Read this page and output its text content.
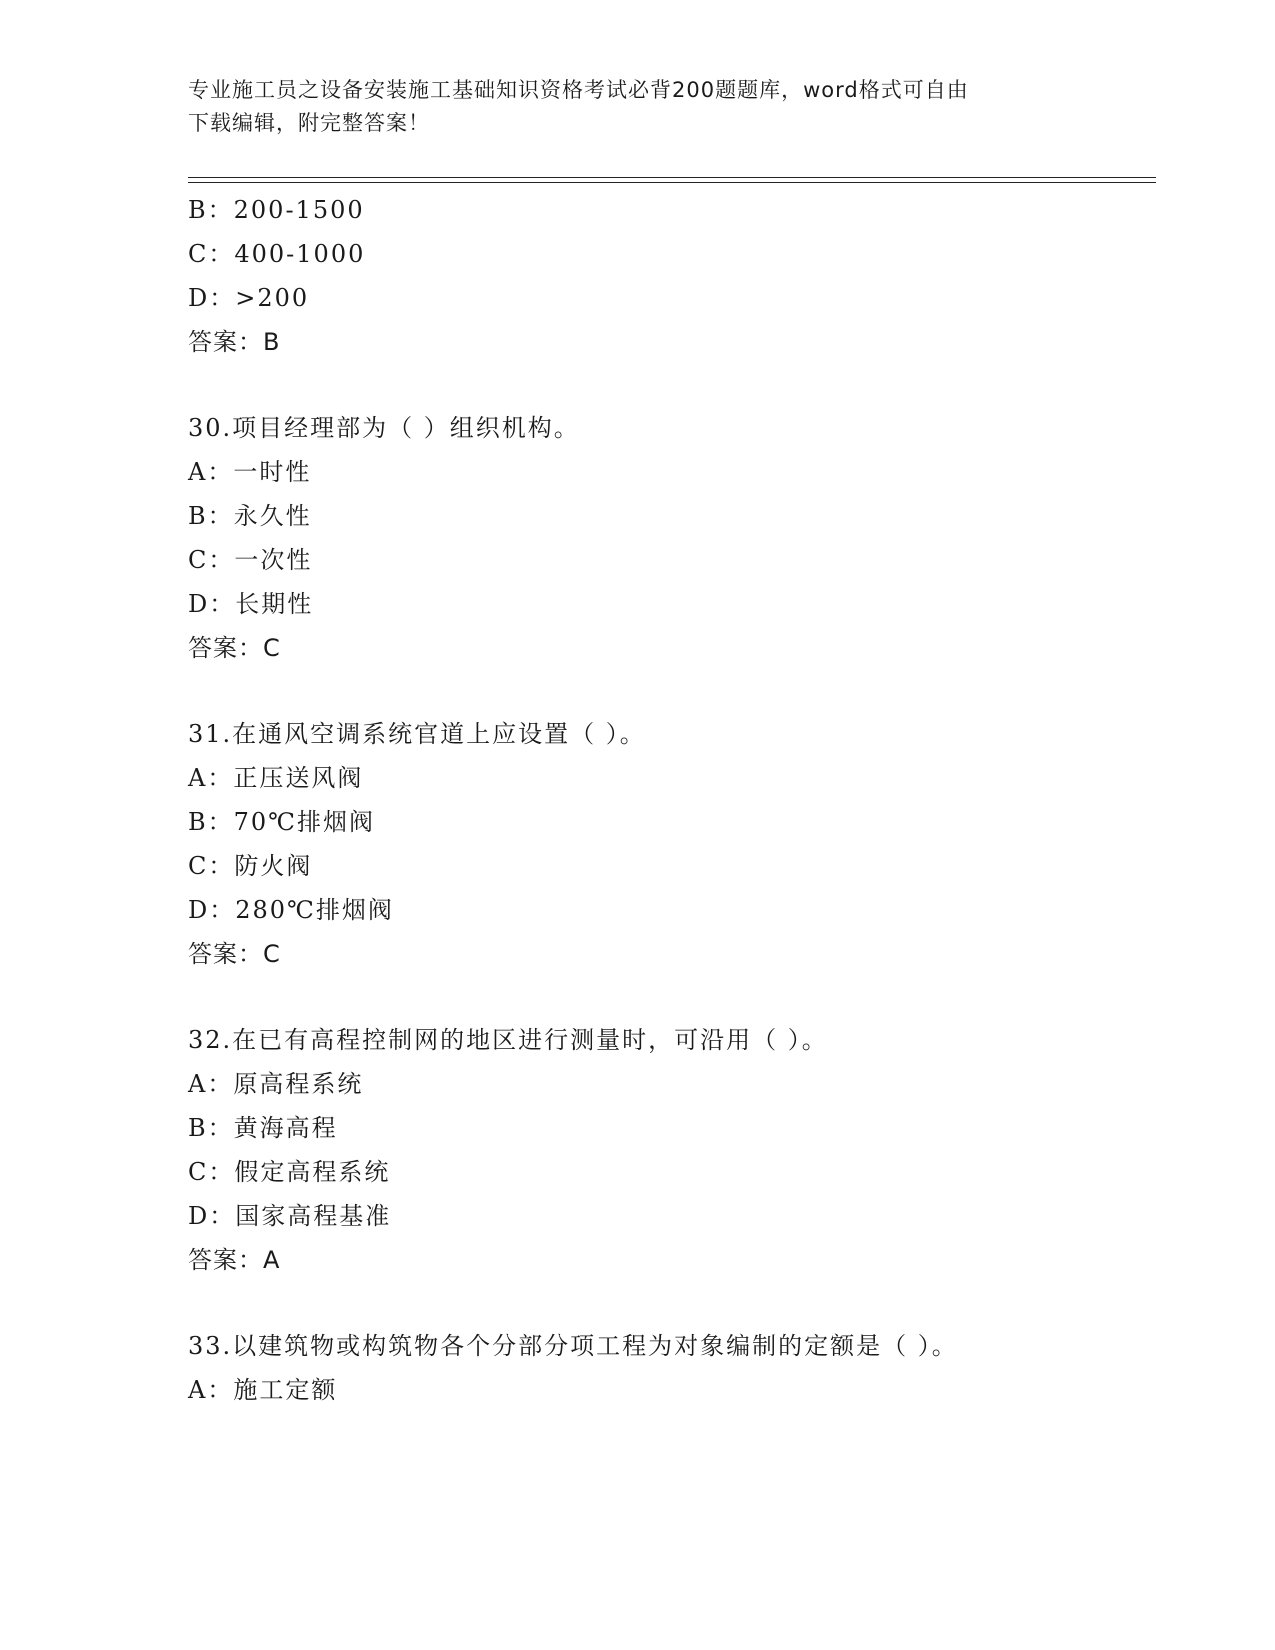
专业施工员之设备安装施工基础知识资格考试必背200题题库，word格式可自由
下载编辑，附完整答案！
B：200-1500
C：400-1000
D：>200
答案：B
30.项目经理部为（ ）组织机构。
A：一时性
B：永久性
C：一次性
D：长期性
答案：C
31.在通风空调系统官道上应设置（ ）。
A：正压送风阀
B：70℃排烟阀
C：防火阀
D：280℃排烟阀
答案：C
32.在已有高程控制网的地区进行测量时，可沿用（ ）。
A：原高程系统
B：黄海高程
C：假定高程系统
D：国家高程基准
答案：A
33.以建筑物或构筑物各个分部分项工程为对象编制的定额是（ ）。
A：施工定额
